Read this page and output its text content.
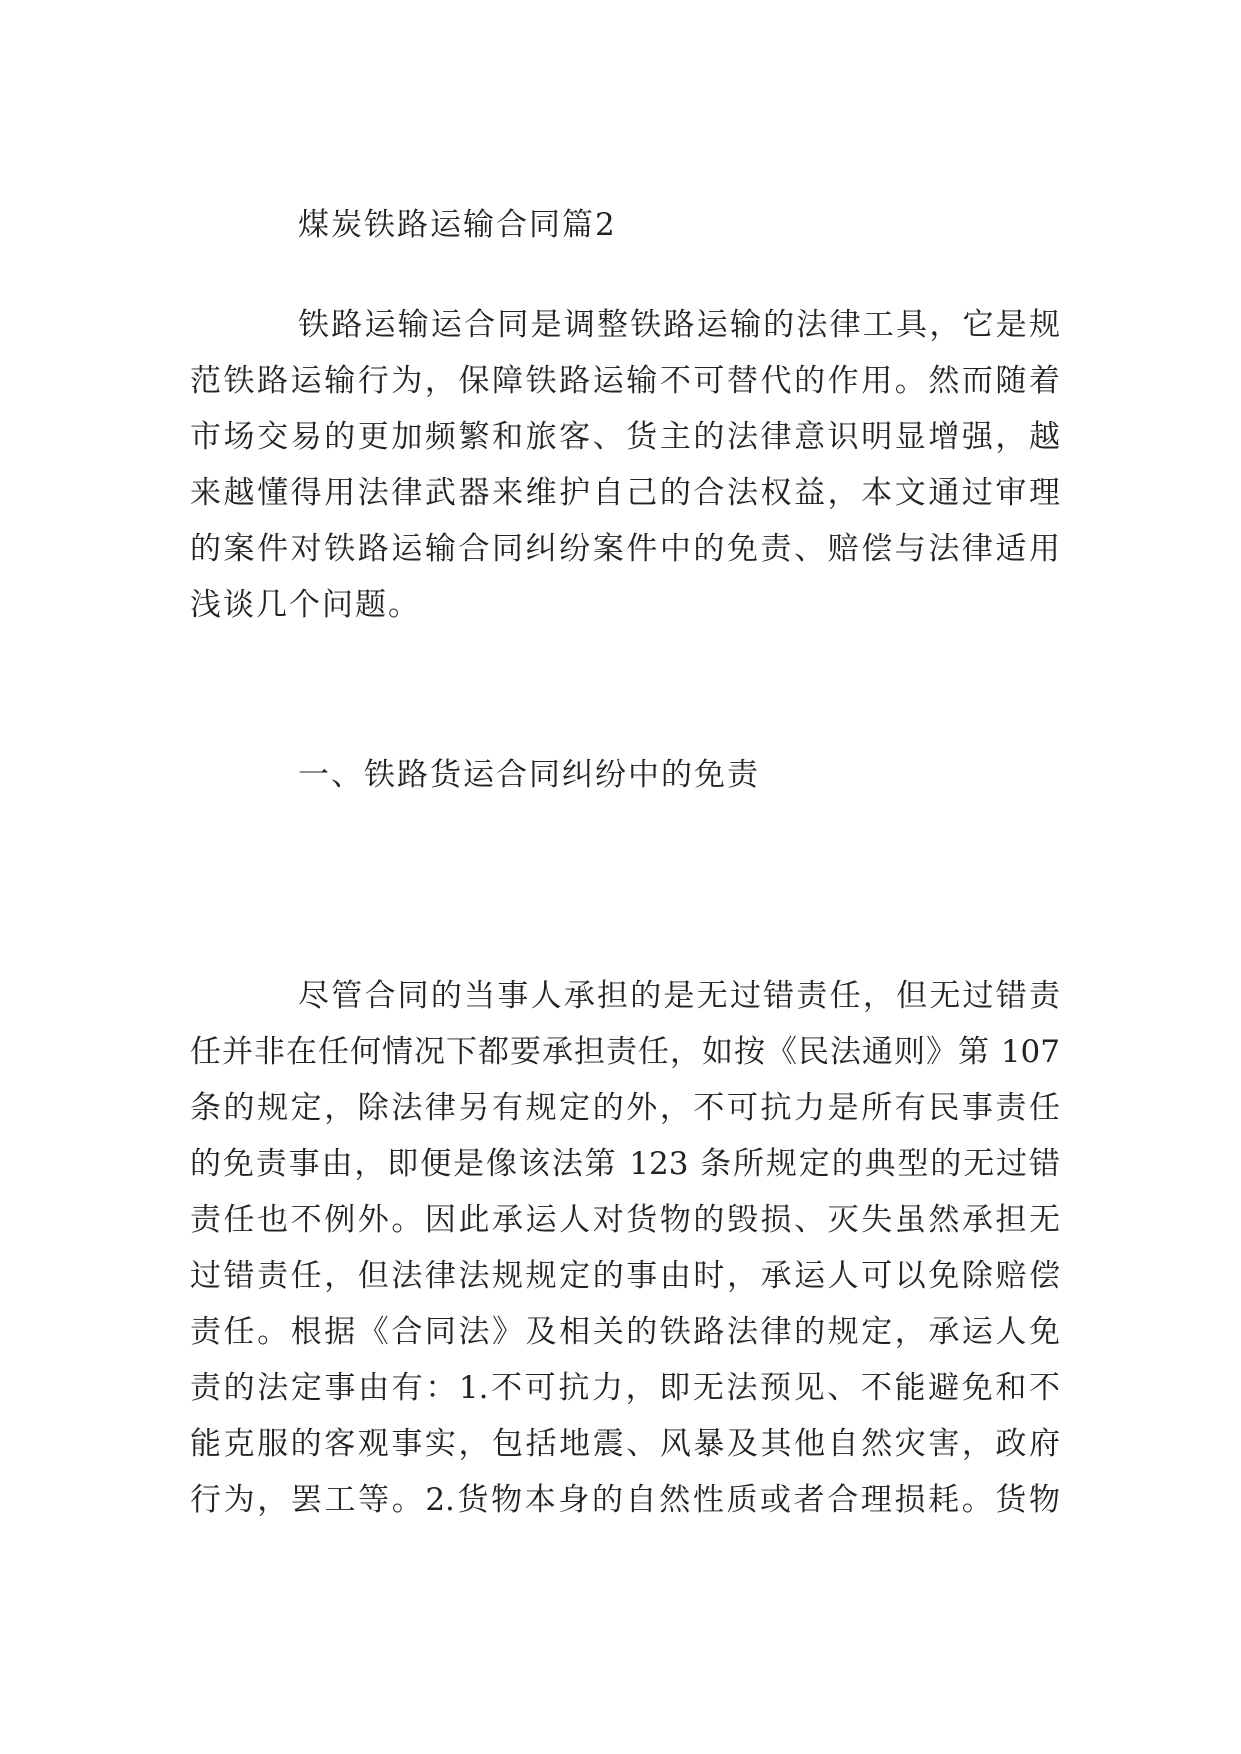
煤炭铁路运输合同篇2
铁路运输运合同是调整铁路运输的法律工具，它是规
范铁路运输行为，保障铁路运输不可替代的作用。然而随着
市场交易的更加频繁和旅客、货主的法律意识明显增强，越
来越懂得用法律武器来维护自己的合法权益，本文通过审理
的案件对铁路运输合同纠纷案件中的免责、赔偿与法律适用
浅谈几个问题。
一、铁路货运合同纠纷中的免责
尽管合同的当事人承担的是无过错责任，但无过错责
任并非在任何情况下都要承担责任，如按《民法通则》第 107
条的规定，除法律另有规定的外，不可抗力是所有民事责任
的免责事由，即便是像该法第 123 条所规定的典型的无过错
责任也不例外。因此承运人对货物的毁损、灭失虽然承担无
过错责任，但法律法规规定的事由时，承运人可以免除赔偿
责任。根据《合同法》及相关的铁路法律的规定，承运人免
责的法定事由有：1.不可抗力，即无法预见、不能避免和不
能克服的客观事实，包括地震、风暴及其他自然灾害，政府
行为，罢工等。2.货物本身的自然性质或者合理损耗。货物
